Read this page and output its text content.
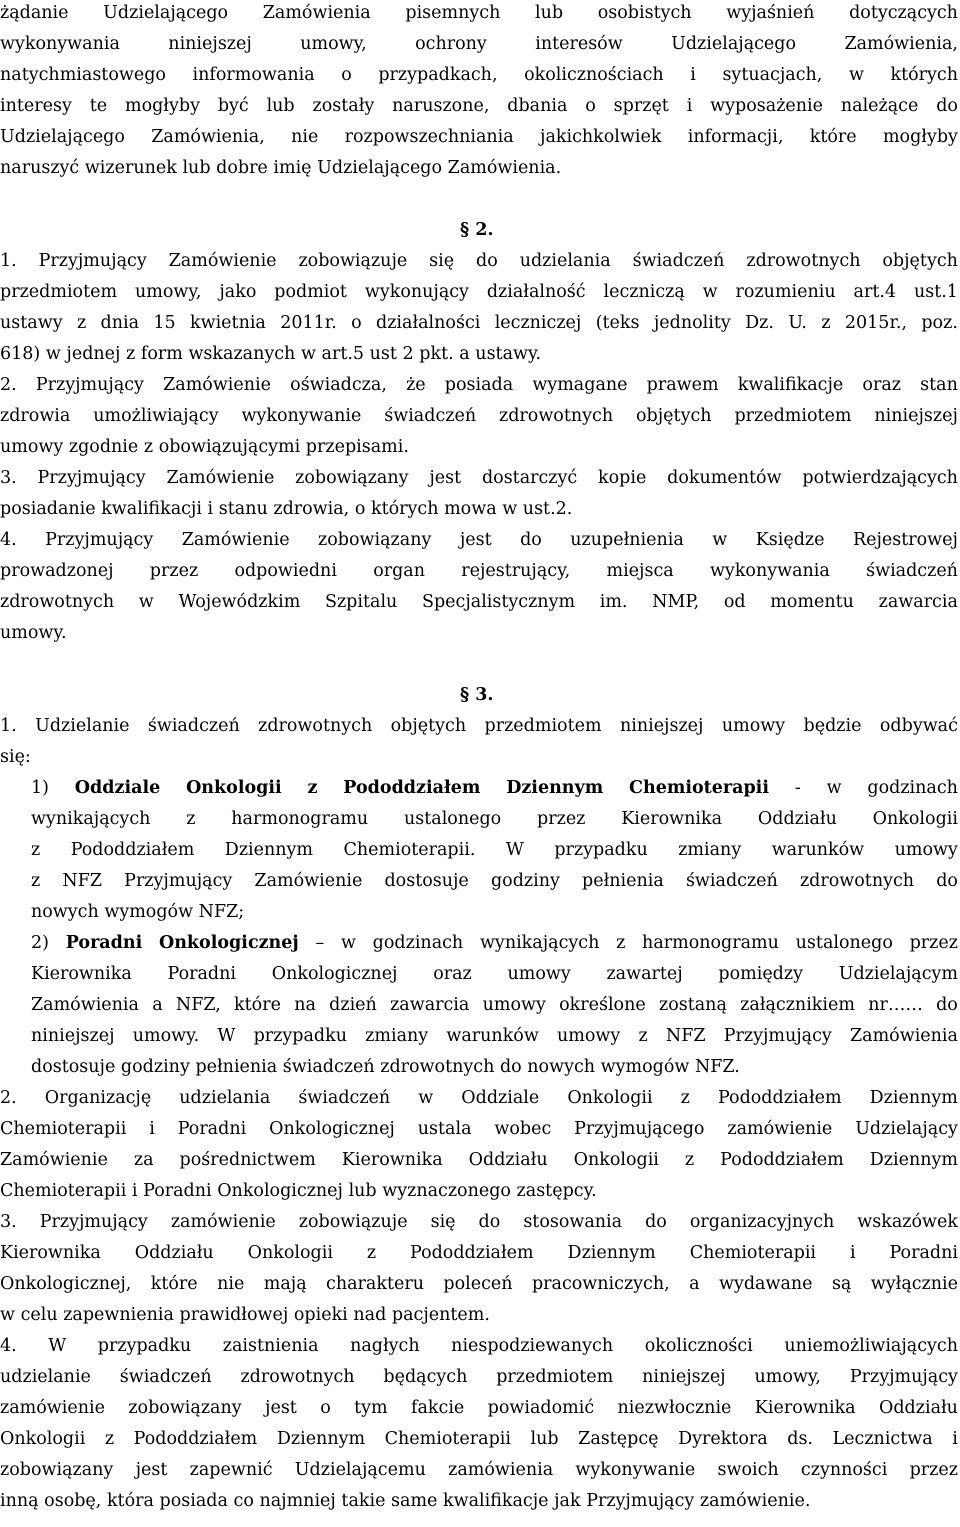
żądanie Udzielającego Zamówienia pisemnych lub osobistych wyjaśnień dotyczących
wykonywania	niniejszej	umowy,	ochrony	interesów	Udzielającego	Zamówienia,
natychmiastowego informowania o przypadkach, okolicznościach i sytuacjach, w których
interesy te mogłyby być lub zostały naruszone, dbania o sprzęt i wyposażenie należące do
Udzielającego Zamówienia, nie rozpowszechniania jakichkolwiek informacji, które mogłyby
naruszyć wizerunek lub dobre imię Udzielającego Zamówienia.
§ 2.
1. Przyjmujący Zamówienie zobowiązuje się do udzielania świadczeń zdrowotnych objętych
przedmiotem umowy, jako podmiot wykonujący działalność leczniczą w rozumieniu art.4 ust.1
ustawy z dnia 15 kwietnia 2011r. o działalności leczniczej (teks jednolity Dz. U. z 2015r., poz.
618) w jednej z form wskazanych w art.5 ust 2 pkt. a ustawy.
2. Przyjmujący Zamówienie oświadcza, że posiada wymagane prawem kwalifikacje oraz stan
zdrowia umożliwiający wykonywanie świadczeń zdrowotnych objętych przedmiotem niniejszej
umowy zgodnie z obowiązującymi przepisami.
3. Przyjmujący Zamówienie zobowiązany jest dostarczyć kopie dokumentów potwierdzających
posiadanie kwalifikacji i stanu zdrowia, o których mowa w ust.2.
4. Przyjmujący Zamówienie zobowiązany jest do uzupełnienia w Księdze Rejestrowej
prowadzonej przez odpowiedni organ rejestrujący, miejsca wykonywania świadczeń
zdrowotnych w Wojewódzkim Szpitalu Specjalistycznym im. NMP, od momentu zawarcia
umowy.
§ 3.
1. Udzielanie świadczeń zdrowotnych objętych przedmiotem niniejszej umowy będzie odbywać
się:
1) Oddziale Onkologii z Pododdziałem Dziennym Chemioterapii - w godzinach
wynikających z harmonogramu ustalonego przez Kierownika Oddziału Onkologii
z Pododdziałem Dziennym Chemioterapii. W przypadku zmiany warunków umowy
z NFZ Przyjmujący Zamówienie dostosuje godziny pełnienia świadczeń zdrowotnych do
nowych wymogów NFZ;
2) Poradni Onkologicznej – w godzinach wynikających z harmonogramu ustalonego przez
Kierownika Poradni Onkologicznej oraz umowy zawartej pomiędzy Udzielającym
Zamówienia a NFZ, które na dzień zawarcia umowy określone zostaną załącznikiem nr…… do
niniejszej umowy. W przypadku zmiany warunków umowy z NFZ Przyjmujący Zamówienia
dostosuje godziny pełnienia świadczeń zdrowotnych do nowych wymogów NFZ.
2. Organizację udzielania świadczeń w Oddziale Onkologii z Pododdziałem Dziennym
Chemioterapii i Poradni Onkologicznej ustala wobec Przyjmującego zamówienie Udzielający
Zamówienie za pośrednictwem Kierownika Oddziału Onkologii z Pododdziałem Dziennym
Chemioterapii i Poradni Onkologicznej lub wyznaczonego zastępcy.
3. Przyjmujący zamówienie zobowiązuje się do stosowania do organizacyjnych wskazówek
Kierownika Oddziału Onkologii z Pododdziałem Dziennym Chemioterapii i Poradni
Onkologicznej, które nie mają charakteru poleceń pracowniczych, a wydawane są wyłącznie
w celu zapewnienia prawidłowej opieki nad pacjentem.
4. W przypadku zaistnienia nagłych niespodziewanych okoliczności uniemożliwiających
udzielanie świadczeń zdrowotnych będących przedmiotem niniejszej umowy, Przyjmujący
zamówienie zobowiązany jest o tym fakcie powiadomić niezwłocznie Kierownika Oddziału
Onkologii z Pododdziałem Dziennym Chemioterapii lub Zastępcę Dyrektora ds. Lecznictwa i
zobowiązany jest zapewnić Udzielającemu zamówienia wykonywanie swoich czynności przez
inną osobę, która posiada co najmniej takie same kwalifikacje jak Przyjmujący zamówienie.
